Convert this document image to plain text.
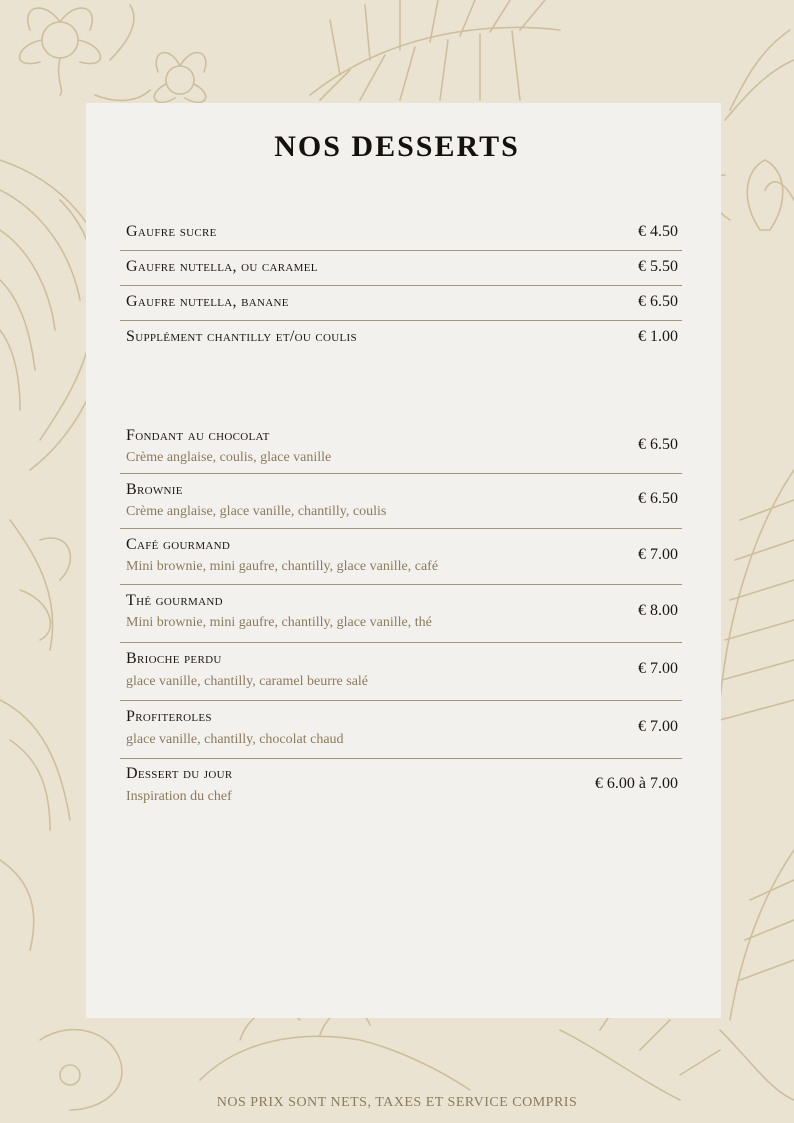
NOS DESSERTS
Gaufre sucre	€ 4.50
Gaufre nutella, ou caramel	€ 5.50
Gaufre nutella, banane	€ 6.50
Supplément chantilly et/ou coulis	€ 1.00
Fondant au chocolat
Crème anglaise, coulis, glace vanille
€ 6.50
Brownie
Crème anglaise, glace vanille, chantilly, coulis
€ 6.50
Café gourmand
Mini brownie, mini gaufre, chantilly, glace vanille, café
€ 7.00
Thé gourmand
Mini brownie, mini gaufre, chantilly, glace vanille, thé
€ 8.00
Brioche perdu
glace vanille, chantilly, caramel beurre salé
€ 7.00
Profiteroles
glace vanille, chantilly, chocolat chaud
€ 7.00
Dessert du jour
Inspiration du chef
€ 6.00 à 7.00
NOS PRIX SONT NETS, TAXES ET SERVICE COMPRIS
